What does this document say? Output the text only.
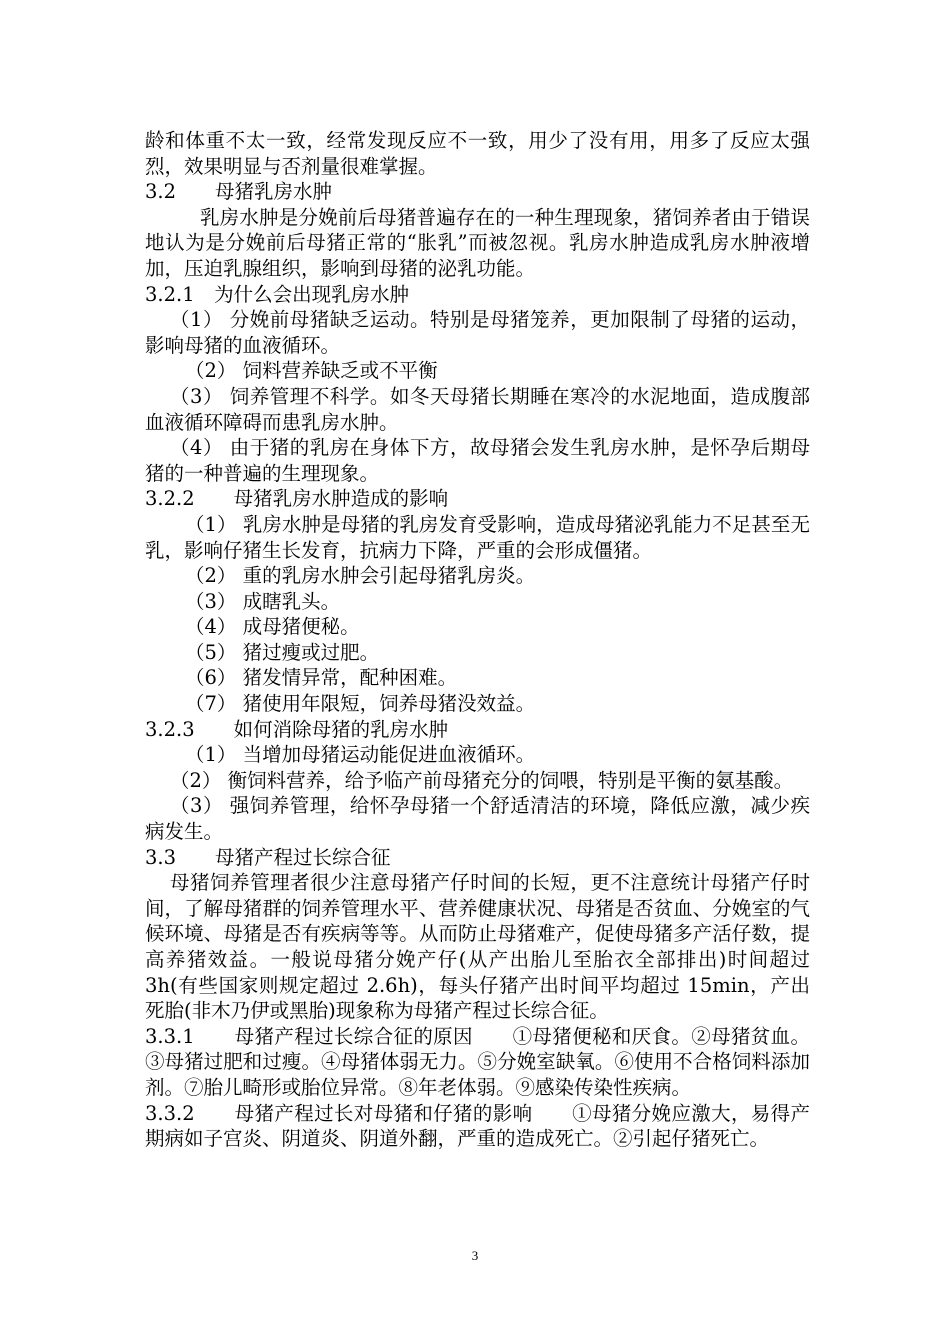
龄和体重不太一致，经常发现反应不一致，用少了没有用，用多了反应太强烈，效果明显与否剂量很难掌握。

3.2　　母猪乳房水肿

乳房水肿是分娩前后母猪普遍存在的一种生理现象，猪饲养者由于错误地认为是分娩前后母猪正常的“胀乳”而被忽视。乳房水肿造成乳房水肿液增加，压迫乳腺组织，影响到母猪的泌乳功能。

3.2.1　为什么会出现乳房水肿

（1） 分娩前母猪缺乏运动。特别是母猪笼养，更加限制了母猪的运动，影响母猪的血液循环。

（2） 饲料营养缺乏或不平衡

（3） 饲养管理不科学。如冬天母猪长期睡在寒冷的水泥地面，造成腹部血液循环障碍而患乳房水肿。

（4） 由于猪的乳房在身体下方，故母猪会发生乳房水肿，是怀孕后期母猪的一种普遍的生理现象。

3.2.2　　母猪乳房水肿造成的影响

（1） 乳房水肿是母猪的乳房发育受影响，造成母猪泌乳能力不足甚至无乳，影响仔猪生长发育，抗病力下降，严重的会形成僵猪。

（2） 重的乳房水肿会引起母猪乳房炎。

（3） 成瞎乳头。

（4） 成母猪便秘。

（5） 猪过瘦或过肥。

（6） 猪发情异常，配种困难。

（7） 猪使用年限短，饲养母猪没效益。

3.2.3　　如何消除母猪的乳房水肿

（1） 当增加母猪运动能促进血液循环。

（2） 衡饲料营养，给予临产前母猪充分的饲喂，特别是平衡的氨基酸。

（3） 强饲养管理，给怀孕母猪一个舒适清洁的环境，降低应激，减少疾病发生。

3.3　　母猪产程过长综合征

母猪饲养管理者很少注意母猪产仔时间的长短，更不注意统计母猪产仔时间，了解母猪群的饲养管理水平、营养健康状况、母猪是否贫血、分娩室的气候环境、母猪是否有疾病等等。从而防止母猪难产，促使母猪多产活仔数，提高养猪效益。一般说母猪分娩产仔(从产出胎儿至胎衣全部排出)时间超过 3h(有些国家则规定超过 2.6h)，每头仔猪产出时间平均超过 15min，产出死胎(非木乃伊或黑胎)现象称为母猪产程过长综合征。

3.3.1　　母猪产程过长综合征的原因　　①母猪便秘和厌食。②母猪贫血。③母猪过肥和过瘦。④母猪体弱无力。⑤分娩室缺氧。⑥使用不合格饲料添加剂。⑦胎儿畸形或胎位异常。⑧年老体弱。⑨感染传染性疾病。

3.3.2　　母猪产程过长对母猪和仔猪的影响　　①母猪分娩应激大，易得产期病如子宫炎、阴道炎、阴道外翻，严重的造成死亡。②引起仔猪死亡。

3
